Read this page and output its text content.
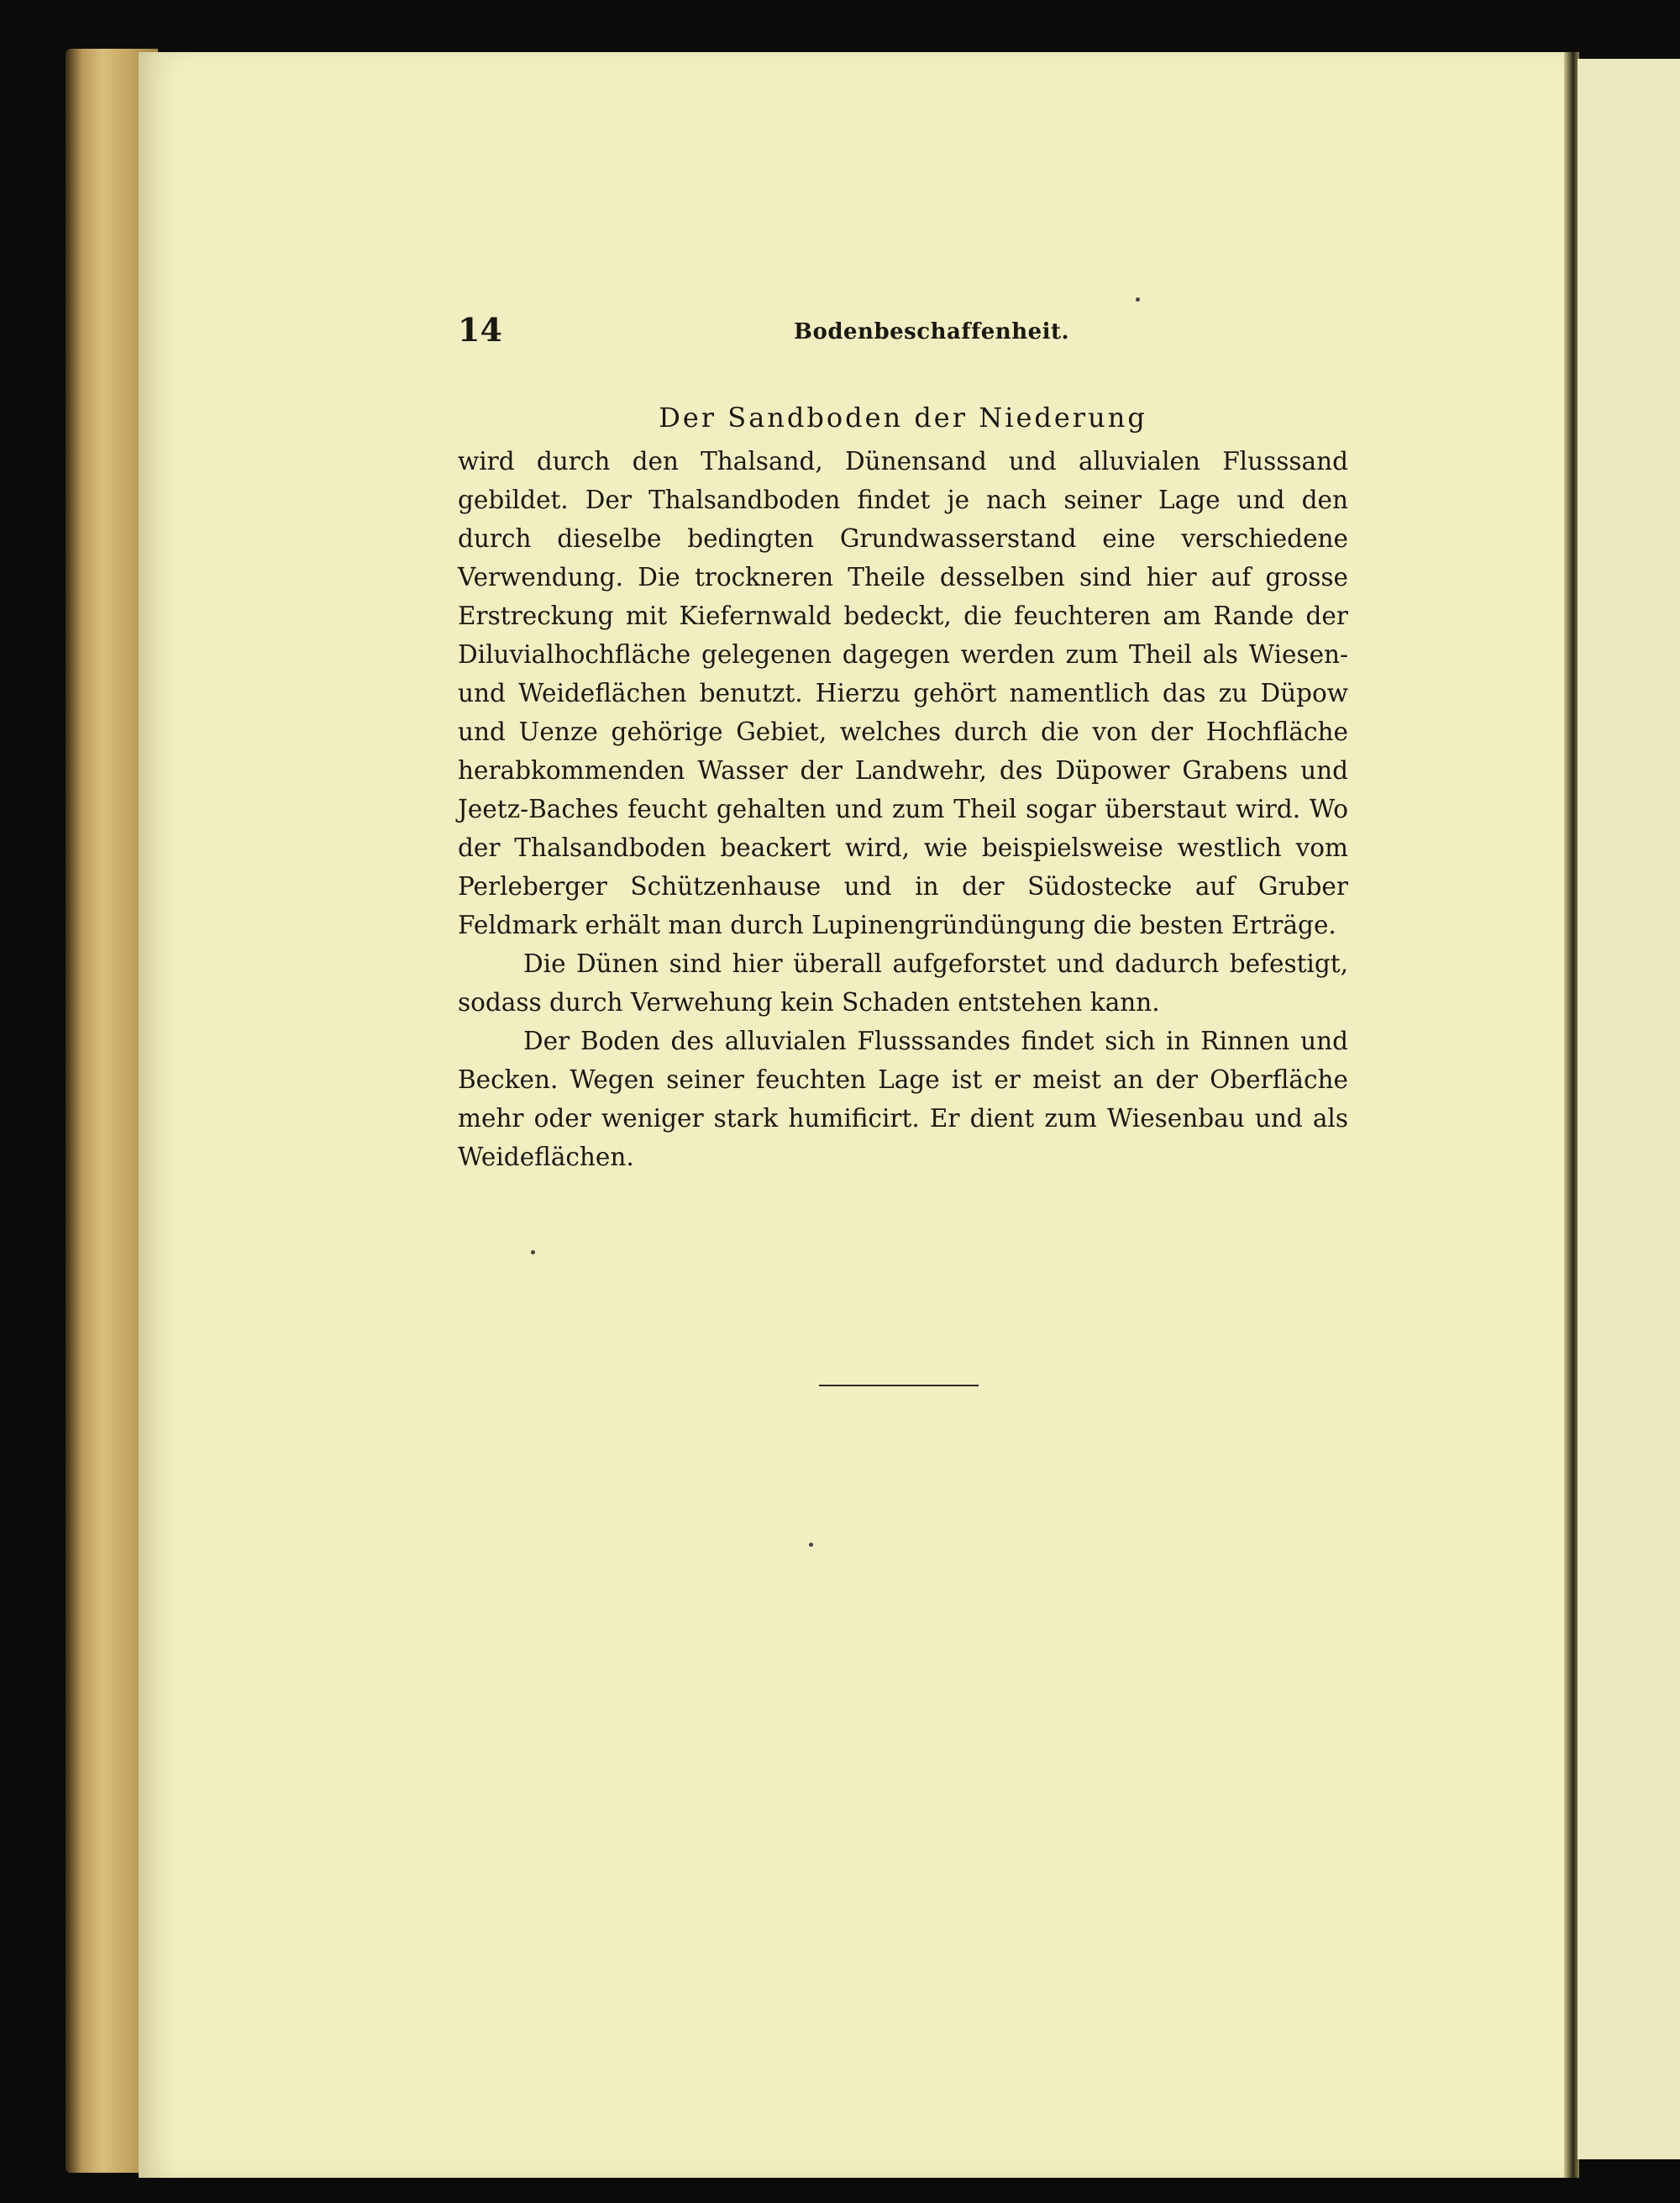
14	Bodenbeschaffenheit.
Der Sandboden der Niederung

wird durch den Thalsand, Dünensand und alluvialen Flusssand gebildet. Der Thalsandboden findet je nach seiner Lage und den durch dieselbe bedingten Grundwasserstand eine verschiedene Verwendung. Die trockneren Theile desselben sind hier auf grosse Erstreckung mit Kiefernwald bedeckt, die feuchteren am Rande der Diluvialhochfläche gelegenen dagegen werden zum Theil als Wiesen- und Weideflächen benutzt. Hierzu gehört namentlich das zu Düpow und Uenze gehörige Gebiet, welches durch die von der Hochfläche herabkommenden Wasser der Landwehr, des Düpower Grabens und Jeetz-Baches feucht gehalten und zum Theil sogar überstaut wird. Wo der Thalsandboden beackert wird, wie beispielsweise westlich vom Perleberger Schützenhause und in der Südostecke auf Gruber Feldmark erhält man durch Lupinengründüngung die besten Erträge.

Die Dünen sind hier überall aufgeforstet und dadurch befestigt, sodass durch Verwehung kein Schaden entstehen kann.

Der Boden des alluvialen Flusssandes findet sich in Rinnen und Becken. Wegen seiner feuchten Lage ist er meist an der Oberfläche mehr oder weniger stark humificirt. Er dient zum Wiesenbau und als Weideflächen.
